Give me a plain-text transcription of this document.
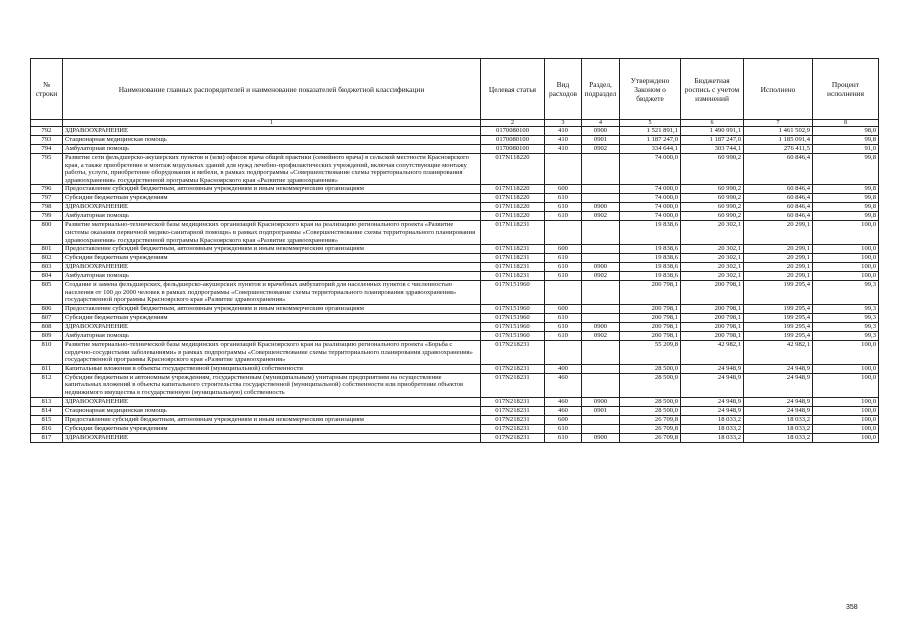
№ строки	Наименование главных распорядителей и наименование показателей бюджетной классификации	Целевая статья	Вид расходов	Раздел, подраздел	Утверждено Законом о бюджете	Бюджетная роспись с учетом изменений	Исполнено	Процент исполнения
	1	2	3	4	5	6	7	8
792	ЗДРАВООХРАНЕНИЕ	0170080100	410	0900	1 521 891,1	1 490 991,1	1 461 502,9	98,0
793	Стационарная медицинская помощь	0170080100	410	0901	1 187 247,0	1 187 247,0	1 185 091,4	99,8
794	Амбулаторная помощь	0170080100	410	0902	334 644,1	303 744,1	276 411,5	91,0
795	Развитие сети фельдшерско-акушерских пунктов и (или) офисов врача общей практики (семейного врача) в сельской местности Красноярского края, а также приобретение и монтаж модульных зданий для нужд лечебно-профилактических учреждений, включая сопутствующие монтажу работы, услуги, приобретение оборудования и мебели, в рамках подпрограммы «Совершенствование схемы территориального планирования здравоохранения» государственной программы Красноярского края «Развитие здравоохранения»	017N118220			74 000,0	60 990,2	60 846,4	99,8
796	Предоставление субсидий бюджетным, автономным учреждениям и иным некоммерческим организациям	017N118220	600		74 000,0	60 990,2	60 846,4	99,8
797	Субсидии бюджетным учреждениям	017N118220	610		74 000,0	60 990,2	60 846,4	99,8
798	ЗДРАВООХРАНЕНИЕ	017N118220	610	0900	74 000,0	60 990,2	60 846,4	99,8
799	Амбулаторная помощь	017N118220	610	0902	74 000,0	60 990,2	60 846,4	99,8
800	Развитие материально-технической базы медицинских организаций Красноярского края на реализацию регионального проекта «Развитие системы оказания первичной медико-санитарной помощи» в рамках подпрограммы «Совершенствование схемы территориального планирования здравоохранения» государственной программы Красноярского края «Развитие здравоохранения»	017N118231			19 838,6	20 302,1	20 299,1	100,0
801	Предоставление субсидий бюджетным, автономным учреждениям и иным некоммерческим организациям	017N118231	600		19 838,6	20 302,1	20 299,1	100,0
802	Субсидии бюджетным учреждениям	017N118231	610		19 838,6	20 302,1	20 299,1	100,0
803	ЗДРАВООХРАНЕНИЕ	017N118231	610	0900	19 838,6	20 302,1	20 299,1	100,0
804	Амбулаторная помощь	017N118231	610	0902	19 838,6	20 302,1	20 299,1	100,0
805	Создание и замена фельдшерских, фельдшерско-акушерских пунктов и врачебных амбулаторий для населенных пунктов с численностью населения от 100 до 2000 человек в рамках подпрограммы «Совершенствование схемы территориального планирования здравоохранения» государственной программы Красноярского края «Развитие здравоохранения»	017N151960			200 798,1	200 798,1	199 295,4	99,3
806	Предоставление субсидий бюджетным, автономным учреждениям и иным некоммерческим организациям	017N151960	600		200 798,1	200 798,1	199 295,4	99,3
807	Субсидии бюджетным учреждениям	017N151960	610		200 798,1	200 798,1	199 295,4	99,3
808	ЗДРАВООХРАНЕНИЕ	017N151960	610	0900	200 798,1	200 798,1	199 295,4	99,3
809	Амбулаторная помощь	017N151960	610	0902	200 798,1	200 798,1	199 295,4	99,3
810	Развитие материально-технической базы медицинских организаций Красноярского края на реализацию регионального проекта «Борьба с сердечно-сосудистыми заболеваниями» в рамках подпрограммы «Совершенствование схемы территориального планирования здравоохранения» государственной программы Красноярского края «Развитие здравоохранения»	017N218231			55 209,8	42 982,1	42 982,1	100,0
811	Капитальные вложения в объекты государственной (муниципальной) собственности	017N218231	400		28 500,0	24 948,9	24 948,9	100,0
812	Субсидии бюджетным и автономным учреждениям, государственным (муниципальным) унитарным предприятиям на осуществление капитальных вложений в объекты капитального строительства государственной (муниципальной) собственности или приобретение объектов недвижимого имущества в государственную (муниципальную) собственность	017N218231	460		28 500,0	24 948,9	24 948,9	100,0
813	ЗДРАВООХРАНЕНИЕ	017N218231	460	0900	28 500,0	24 948,9	24 948,9	100,0
814	Стационарная медицинская помощь	017N218231	460	0901	28 500,0	24 948,9	24 948,9	100,0
815	Предоставление субсидий бюджетным, автономным учреждениям и иным некоммерческим организациям	017N218231	600		26 709,8	18 033,2	18 033,2	100,0
816	Субсидии бюджетным учреждениям	017N218231	610		26 709,8	18 033,2	18 033,2	100,0
817	ЗДРАВООХРАНЕНИЕ	017N218231	610	0900	26 709,8	18 033,2	18 033,2	100,0
358
